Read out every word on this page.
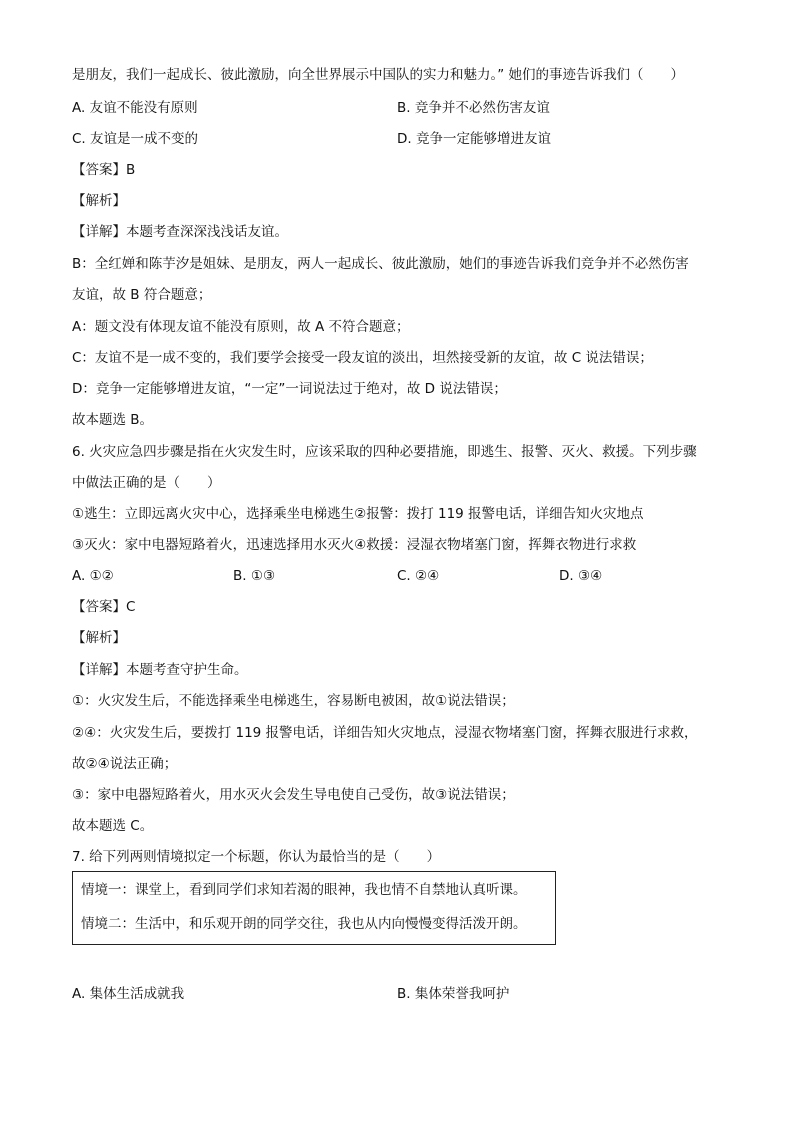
是朋友，我们一起成长、彼此激励，向全世界展示中国队的实力和魅力。” 她们的事迹告诉我们（　　）
A. 友谊不能没有原则	B. 竞争并不必然伤害友谊
C. 友谊是一成不变的	D. 竞争一定能够增进友谊
【答案】B
【解析】
【详解】本题考查深深浅浅话友谊。
B：全红婵和陈芋汐是姐妹、是朋友，两人一起成长、彼此激励，她们的事迹告诉我们竞争并不必然伤害
友谊，故 B 符合题意；
A：题文没有体现友谊不能没有原则，故 A 不符合题意；
C：友谊不是一成不变的，我们要学会接受一段友谊的淡出，坦然接受新的友谊，故 C 说法错误；
D：竞争一定能够增进友谊，“一定”一词说法过于绝对，故 D 说法错误；
故本题选 B。
6. 火灾应急四步骤是指在火灾发生时，应该采取的四种必要措施，即逃生、报警、灭火、救援。下列步骤
中做法正确的是（　　）
①逃生：立即远离火灾中心，选择乘坐电梯逃生②报警：拨打 119 报警电话，详细告知火灾地点
③灭火：家中电器短路着火，迅速选择用水灭火④救援：浸湿衣物堵塞门窗，挥舞衣物进行求救
A. ①②	B. ①③	C. ②④	D. ③④
【答案】C
【解析】
【详解】本题考查守护生命。
①：火灾发生后，不能选择乘坐电梯逃生，容易断电被困，故①说法错误；
②④：火灾发生后，要拨打 119 报警电话，详细告知火灾地点，浸湿衣物堵塞门窗，挥舞衣服进行求救，
故②④说法正确；
③：家中电器短路着火，用水灭火会发生导电使自己受伤，故③说法错误；
故本题选 C。
7. 给下列两则情境拟定一个标题，你认为最恰当的是（　　）
情境一：课堂上，看到同学们求知若渴的眼神，我也情不自禁地认真听课。
情境二：生活中，和乐观开朗的同学交往，我也从内向慢慢变得活泼开朗。
A. 集体生活成就我	B. 集体荣誉我呵护
